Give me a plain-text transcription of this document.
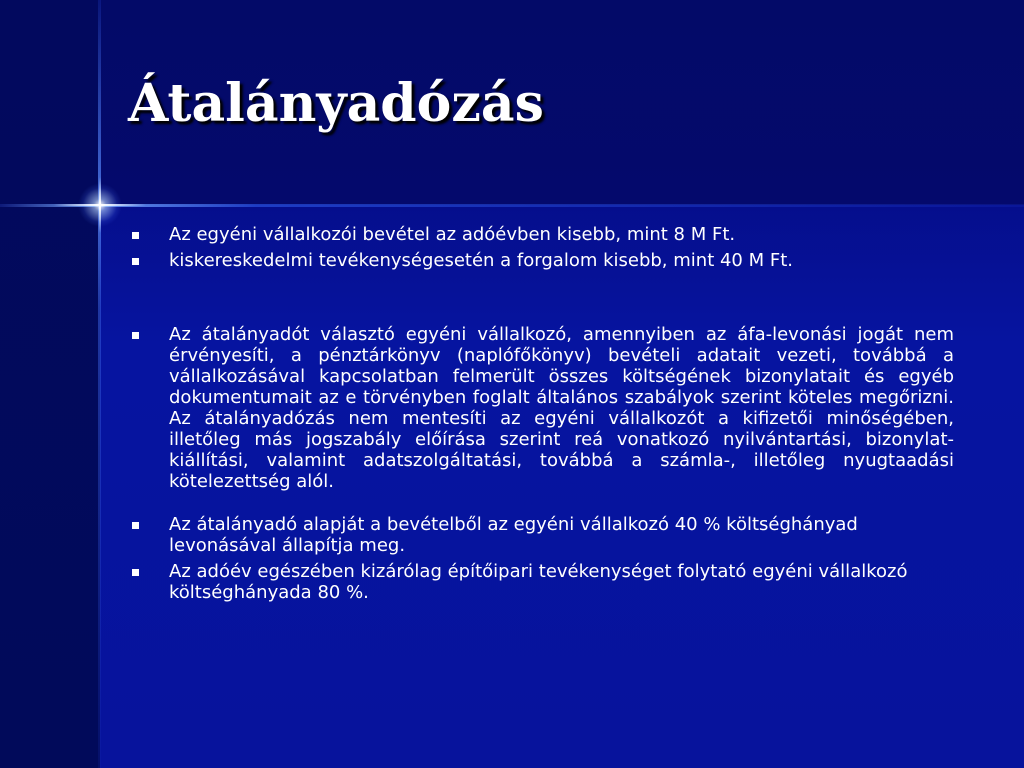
Átalányadózás
Az egyéni vállalkozói bevétel az adóévben kisebb, mint 8 M Ft.
kiskereskedelmi tevékenységesetén a forgalom kisebb, mint 40 M Ft.
Az átalányadót választó egyéni vállalkozó, amennyiben az áfa-levonási jogát nem érvényesíti, a pénztárkönyv (naplófőkönyv) bevételi adatait vezeti, továbbá a vállalkozásával kapcsolatban felmerült összes költségének bizonylatait és egyéb dokumentumait az e törvényben foglalt általános szabályok szerint köteles megőrizni. Az átalányadózás nem mentesíti az egyéni vállalkozót a kifizetői minőségében, illetőleg más jogszabály előírása szerint reá vonatkozó nyilvántartási, bizonylat-kiállítási, valamint adatszolgáltatási, továbbá a számla-, illetőleg nyugtaadási kötelezettség alól.
Az átalányadó alapját a bevételből az egyéni vállalkozó 40 % költséghányad levonásával állapítja meg.
Az adóév egészében kizárólag építőipari tevékenységet folytató egyéni vállalkozó költséghányada 80 %.
